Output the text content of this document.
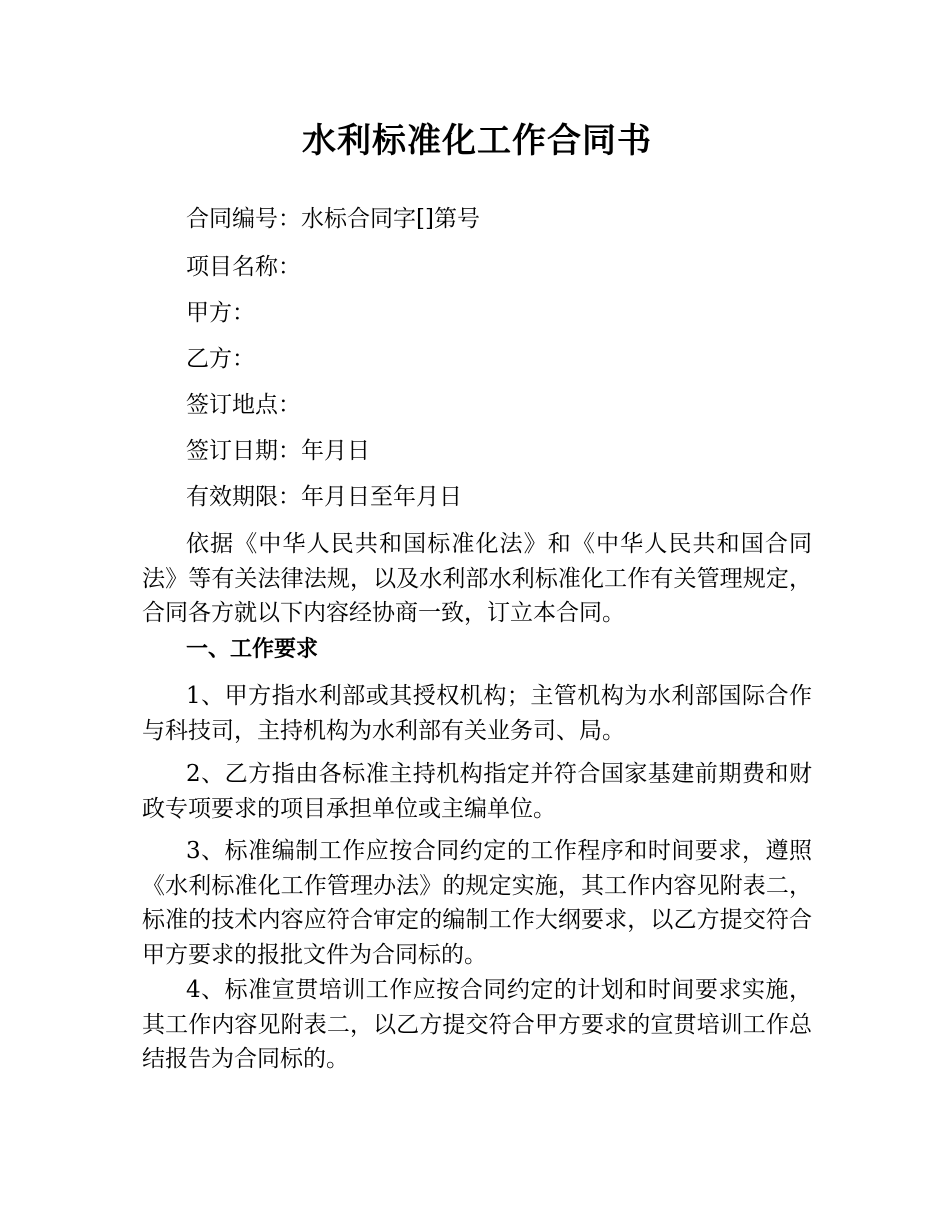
水利标准化工作合同书

合同编号：水标合同字[]第号

项目名称：

甲方：

乙方：

签订地点：

签订日期：年月日

有效期限：年月日至年月日

依据《中华人民共和国标准化法》和《中华人民共和国合同法》等有关法律法规，以及水利部水利标准化工作有关管理规定，合同各方就以下内容经协商一致，订立本合同。

一、工作要求

1、甲方指水利部或其授权机构；主管机构为水利部国际合作与科技司，主持机构为水利部有关业务司、局。

2、乙方指由各标准主持机构指定并符合国家基建前期费和财政专项要求的项目承担单位或主编单位。

3、标准编制工作应按合同约定的工作程序和时间要求，遵照《水利标准化工作管理办法》的规定实施，其工作内容见附表二，标准的技术内容应符合审定的编制工作大纲要求，以乙方提交符合甲方要求的报批文件为合同标的。

4、标准宣贯培训工作应按合同约定的计划和时间要求实施，其工作内容见附表二，以乙方提交符合甲方要求的宣贯培训工作总结报告为合同标的。
